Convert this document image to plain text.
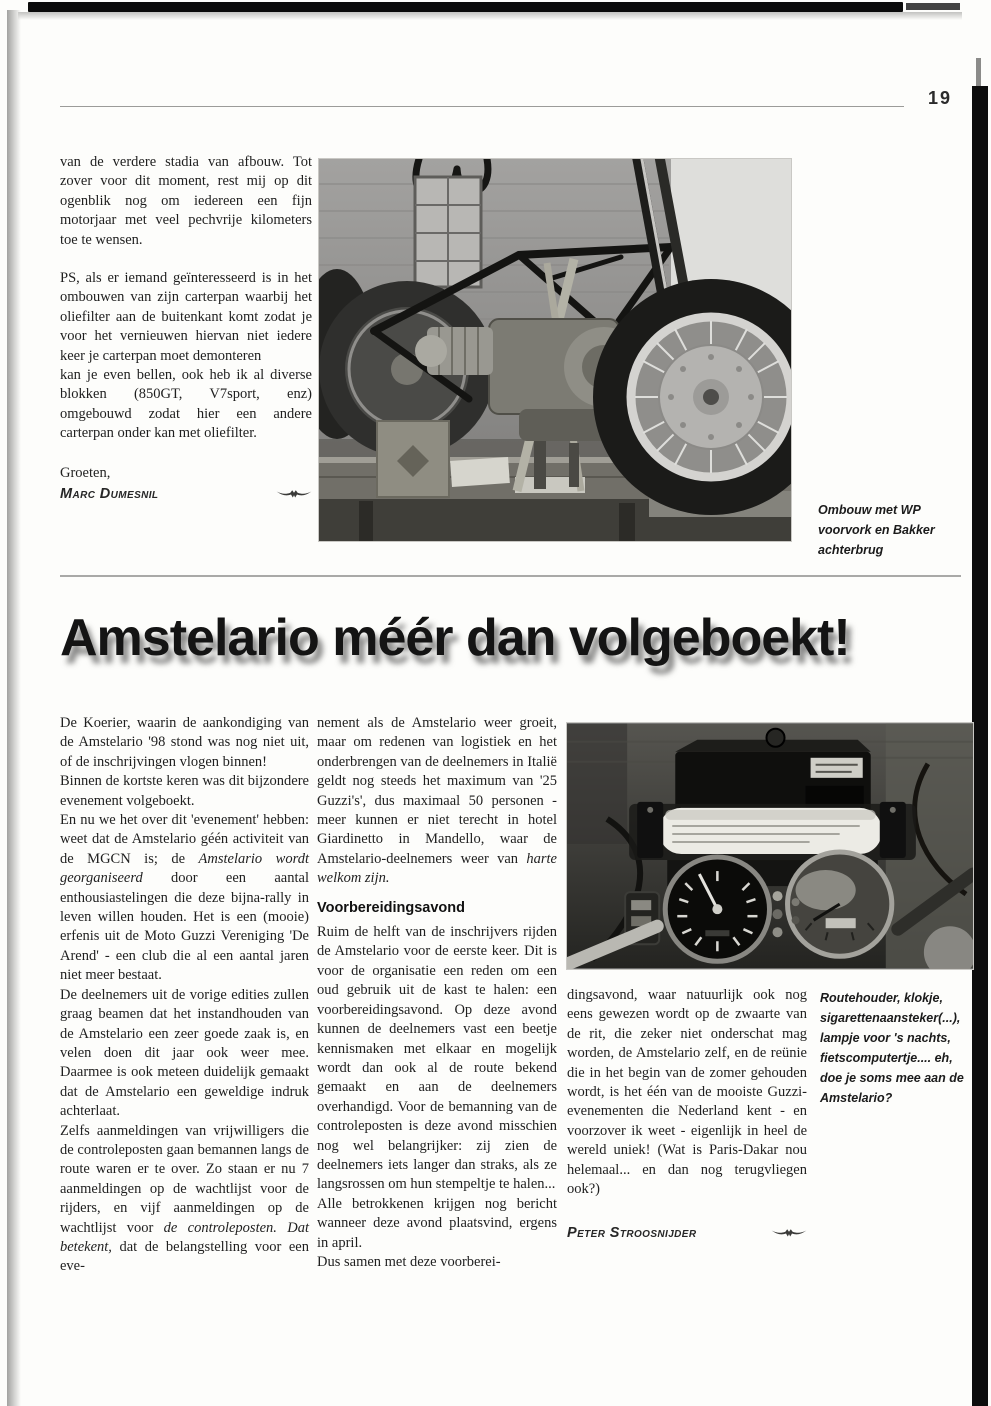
19

van de verdere stadia van afbouw. Tot zover voor dit moment, rest mij op dit ogenblik nog om iedereen een fijn motorjaar met veel pechvrije kilometers toe te wensen.

PS, als er iemand geïnteresseerd is in het ombouwen van zijn carterpan waarbij het oliefilter aan de buitenkant komt zodat je voor het vernieuwen hiervan niet iedere keer je carterpan moet demonteren

kan je even bellen, ook heb ik al diverse blokken (850GT, V7sport, enz) omgebouwd zodat hier een andere carterpan onder kan met oliefilter.

Groeten,

Marc Dumesnil
Ombouw met WP voorvork en Bakker achterbrug
Amstelario méér dan volgeboekt!

De Koerier, waarin de aankondiging van de Amstelario '98 stond was nog niet uit, of de inschrijvingen vlogen binnen!

Binnen de kortste keren was dit bijzondere evenement volgeboekt.

En nu we het over dit 'evenement' hebben: weet dat de Amstelario géén activiteit van de MGCN is; de Amstelario wordt georganiseerd door een aantal enthousiastelingen die deze bijna-rally in leven willen houden. Het is een (mooie) erfenis uit de Moto Guzzi Vereniging 'De Arend' - een club die al een aantal jaren niet meer bestaat.

De deelnemers uit de vorige edities zullen graag beamen dat het instandhouden van de Amstelario een zeer goede zaak is, en velen doen dit jaar ook weer mee. Daarmee is ook meteen duidelijk gemaakt dat de Amstelario een geweldige indruk achterlaat.

Zelfs aanmeldingen van vrijwilligers die de controleposten gaan bemannen langs de route waren er te over. Zo staan er nu 7 aanmeldingen op de wachtlijst voor de rijders, en vijf aanmeldingen op de wachtlijst voor de controleposten. Dat betekent, dat de belangstelling voor een eve-

nement als de Amstelario weer groeit, maar om redenen van logistiek en het onderbrengen van de deelnemers in Italië geldt nog steeds het maximum van '25 Guzzi's', dus maximaal 50 personen - meer kunnen er niet terecht in hotel Giardinetto in Mandello, waar de Amstelario-deelnemers weer van harte welkom zijn.

Voorbereidingsavond

Ruim de helft van de inschrijvers rijden de Amstelario voor de eerste keer. Dit is voor de organisatie een reden om een oud gebruik uit de kast te halen: een voorbereidingsavond. Op deze avond kunnen de deelnemers vast een beetje kennismaken met elkaar en mogelijk wordt dan ook al de route bekend gemaakt en aan de deelnemers overhandigd. Voor de bemanning van de controleposten is deze avond misschien nog wel belangrijker: zij zien de deelnemers iets langer dan straks, als ze langsrossen om hun stempeltje te halen...

Alle betrokkenen krijgen nog bericht wanneer deze avond plaatsvind, ergens in april.

Dus samen met deze voorberei-

dingsavond, waar natuurlijk ook nog eens gewezen wordt op de zwaarte van de rit, die zeker niet onderschat mag worden, de Amstelario zelf, en de reünie die in het begin van de zomer gehouden wordt, is het één van de mooiste Guzzi-evenementen die Nederland kent - en voorzover ik weet - eigenlijk in heel de wereld uniek! (Wat is Paris-Dakar nou helemaal... en dan nog terugvliegen ook?)

Peter Stroosnijder
Routehouder, klokje, sigarettenaansteker(...), lampje voor 's nachts, fietscomputertje.... eh, doe je soms mee aan de Amstelario?
